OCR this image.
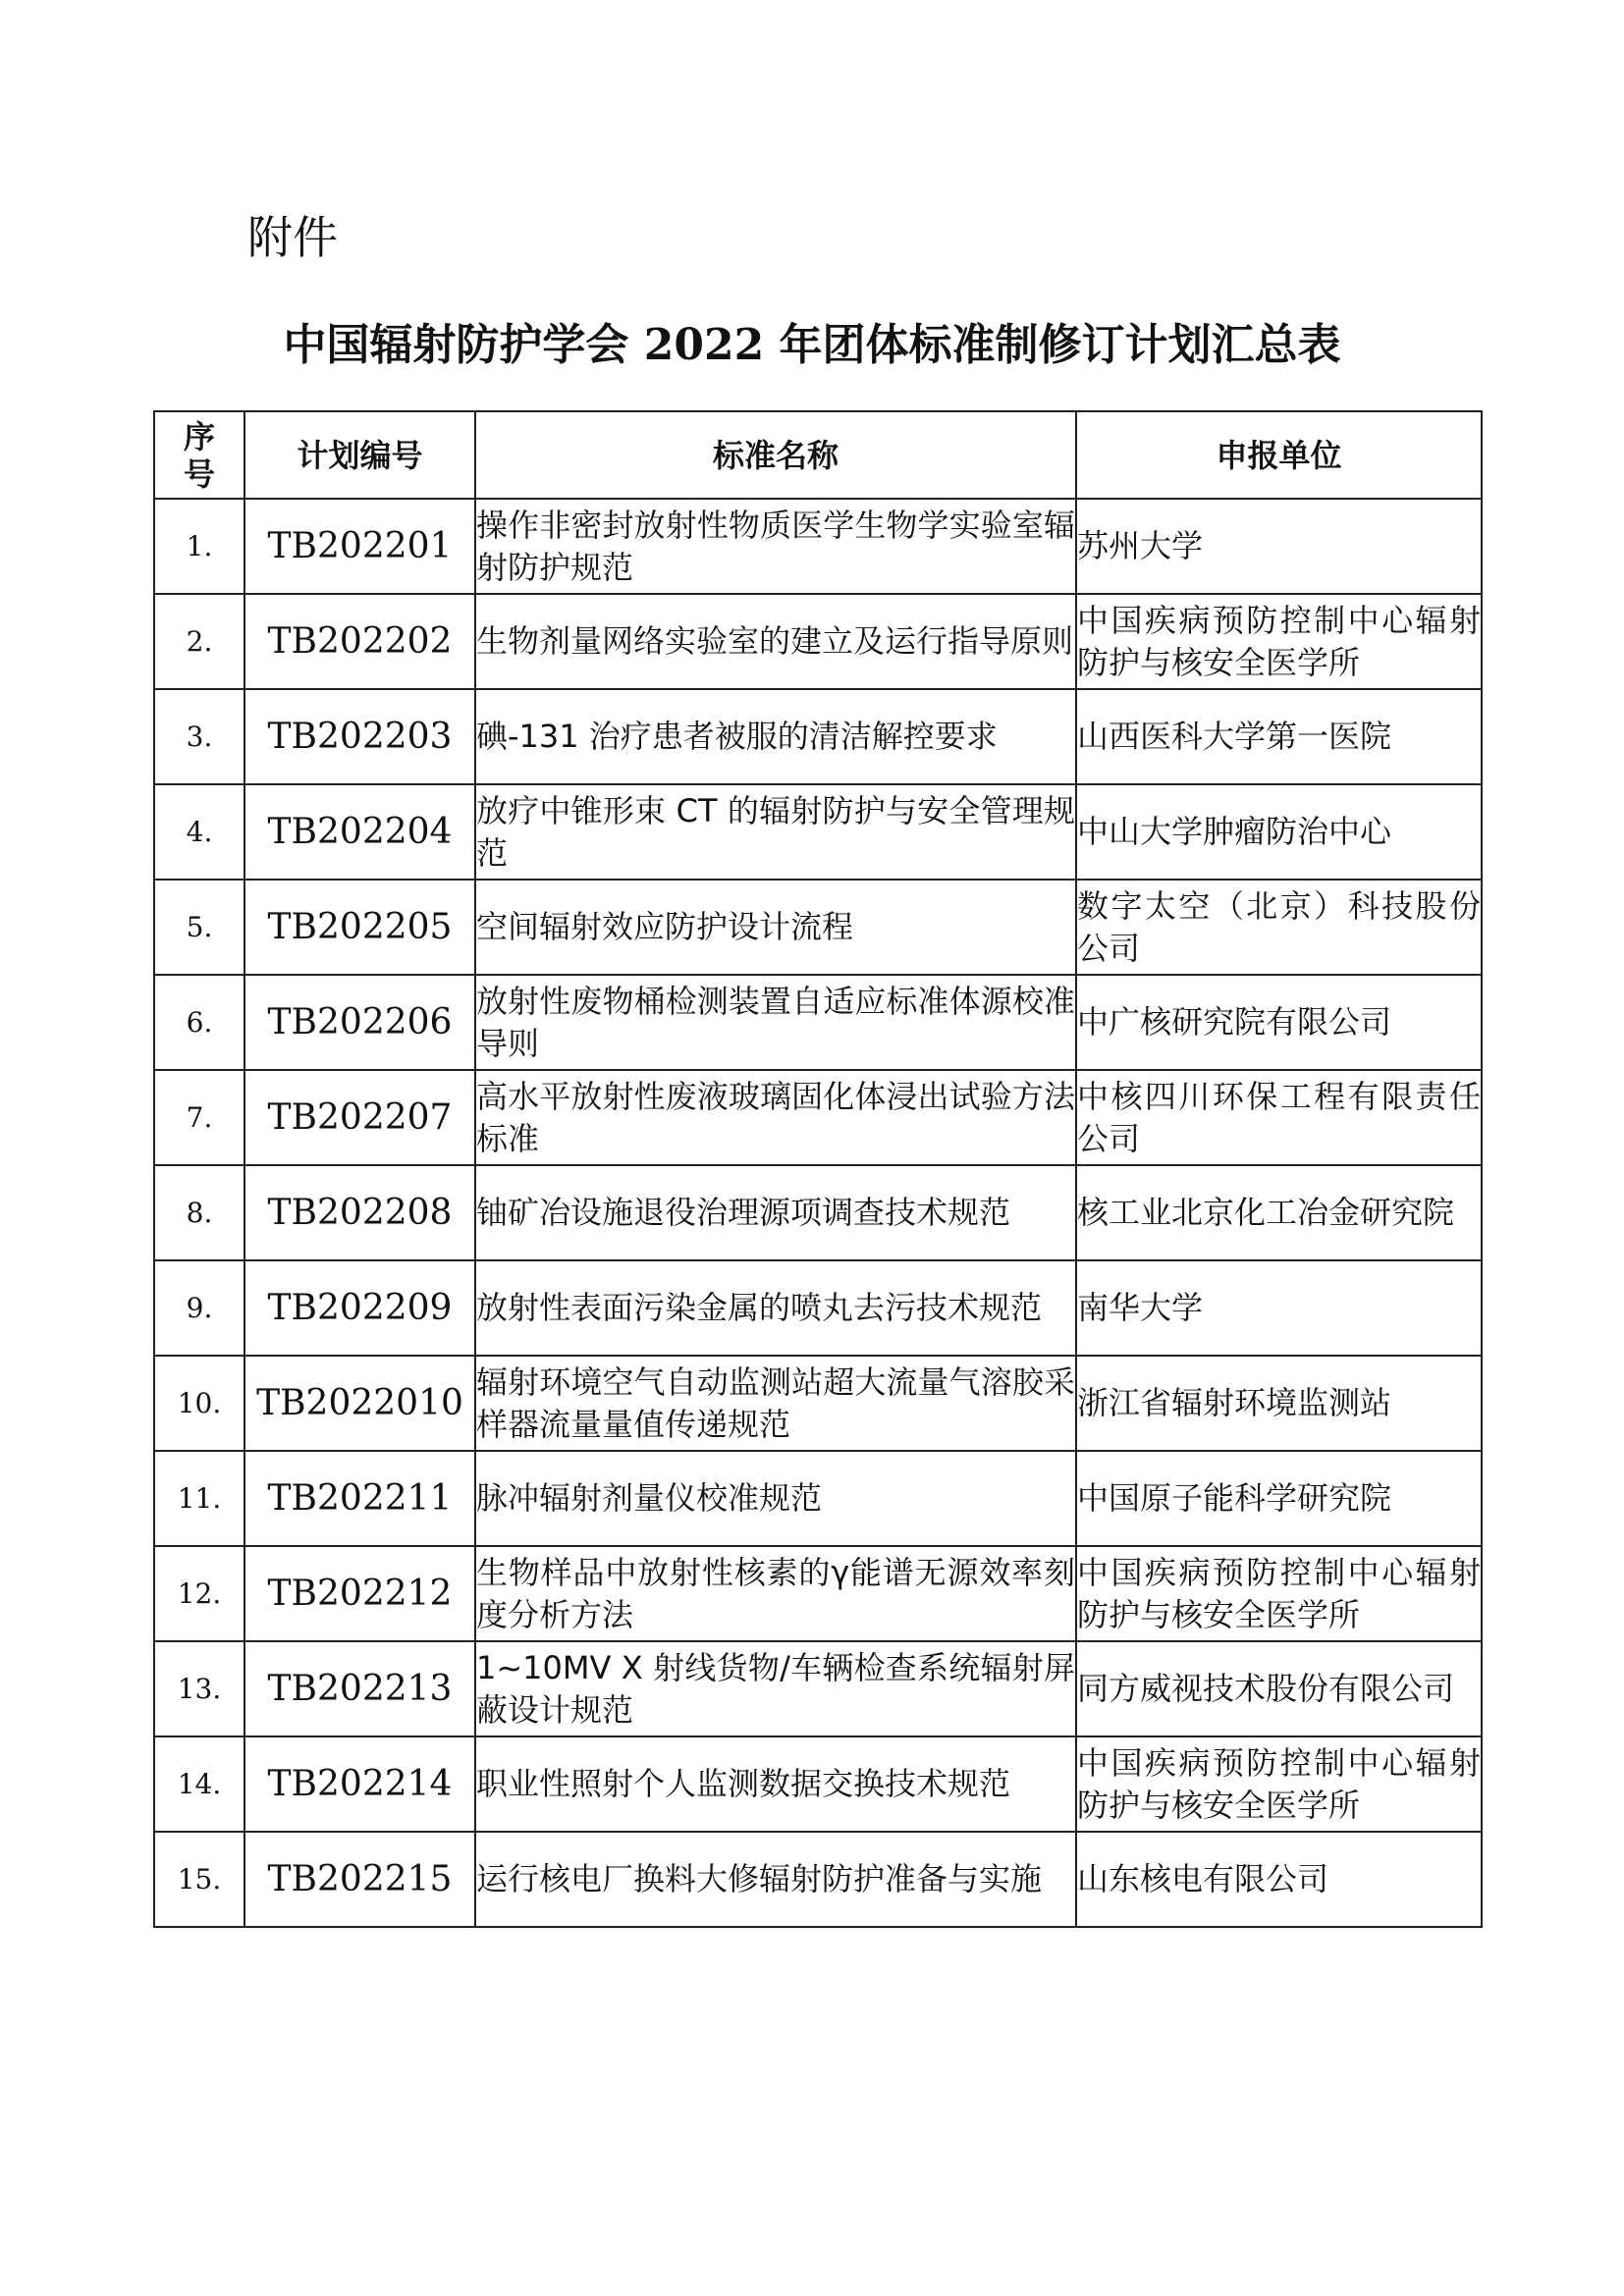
附件

中国辐射防护学会 2022 年团体标准制修订计划汇总表
序
号	计划编号	标准名称	申报单位
1.	TB202201	操作非密封放射性物质医学生物学实验室辐射防护规范	苏州大学
2.	TB202202	生物剂量网络实验室的建立及运行指导原则	中国疾病预防控制中心辐射防护与核安全医学所
3.	TB202203	碘-131 治疗患者被服的清洁解控要求	山西医科大学第一医院
4.	TB202204	放疗中锥形束 CT 的辐射防护与安全管理规范	中山大学肿瘤防治中心
5.	TB202205	空间辐射效应防护设计流程	数字太空（北京）科技股份公司
6.	TB202206	放射性废物桶检测装置自适应标准体源校准导则	中广核研究院有限公司
7.	TB202207	高水平放射性废液玻璃固化体浸出试验方法标准	中核四川环保工程有限责任公司
8.	TB202208	铀矿冶设施退役治理源项调查技术规范	核工业北京化工冶金研究院
9.	TB202209	放射性表面污染金属的喷丸去污技术规范	南华大学
10.	TB2022010	辐射环境空气自动监测站超大流量气溶胶采样器流量量值传递规范	浙江省辐射环境监测站
11.	TB202211	脉冲辐射剂量仪校准规范	中国原子能科学研究院
12.	TB202212	生物样品中放射性核素的γ能谱无源效率刻度分析方法	中国疾病预防控制中心辐射防护与核安全医学所
13.	TB202213	1~10MV X 射线货物/车辆检查系统辐射屏蔽设计规范	同方威视技术股份有限公司
14.	TB202214	职业性照射个人监测数据交换技术规范	中国疾病预防控制中心辐射防护与核安全医学所
15.	TB202215	运行核电厂换料大修辐射防护准备与实施	山东核电有限公司
